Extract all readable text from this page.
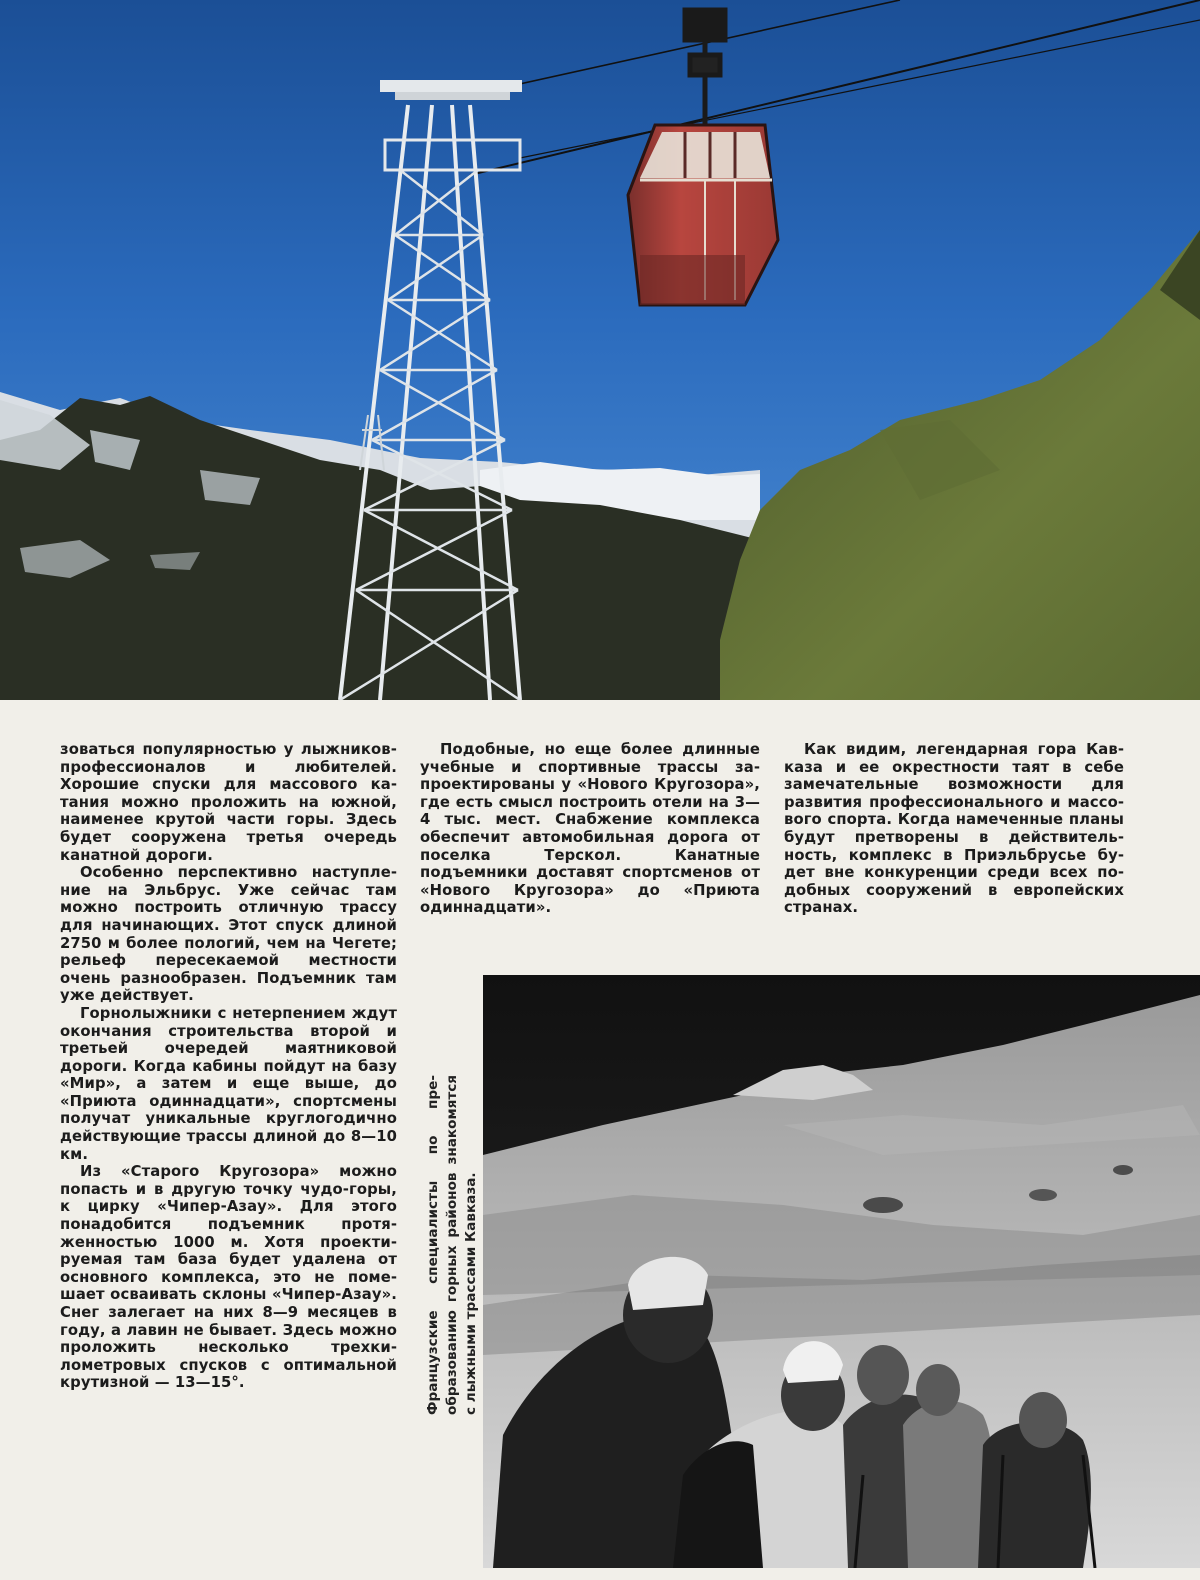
зоваться популярностью у лыжников-профессионалов и любителей. Хорошие спуски для массового катания можно проложить на южной, наименее крутой части горы. Здесь будет сооружена третья очередь канатной дороги.

Особенно перспективно наступление на Эльбрус. Уже сейчас там можно построить отличную трассу для начинающих. Этот спуск длиной 2750 м более пологий, чем на Чегете; рельеф пересекаемой местности очень разнообразен. Подъемник там уже действует.

Горнолыжники с нетерпением ждут окончания строительства второй и третьей очередей маятниковой дороги. Когда кабины пойдут на базу «Мир», а затем и еще выше, до «Приюта одиннадцати», спортсмены получат уникальные круглогодично действующие трассы длиной до 8—10 км.

Из «Старого Кругозора» можно попасть и в другую точку чудо-горы, к цирку «Чипер-Азау». Для этого понадобится подъемник протяженностью 1000 м. Хотя проектируемая там база будет удалена от основного комплекса, это не помешает осваивать склоны «Чипер-Азау». Снег залегает на них 8—9 месяцев в году, а лавин не бывает. Здесь можно проложить несколько трехкилометровых спусков с оптимальной крутизной — 13—15°.

Подобные, но еще более длинные учебные и спортивные трассы запроектированы у «Нового Кругозора», где есть смысл построить отели на 3—4 тыс. мест. Снабжение комплекса обеспечит автомобильная дорога от поселка Терскол. Канатные подъемники доставят спортсменов от «Нового Кругозора» до «Приюта одиннадцати».

Как видим, легендарная гора Кавказа и ее окрестности таят в себе замечательные возможности для развития профессионального и массового спорта. Когда намеченные планы будут претворены в действительность, комплекс в Приэльбрусье будет вне конкуренции среди всех подобных сооружений в европейских странах.

Французские специалисты по преобразованию горных районов знакомятся с лыжными трассами Кавказа.
